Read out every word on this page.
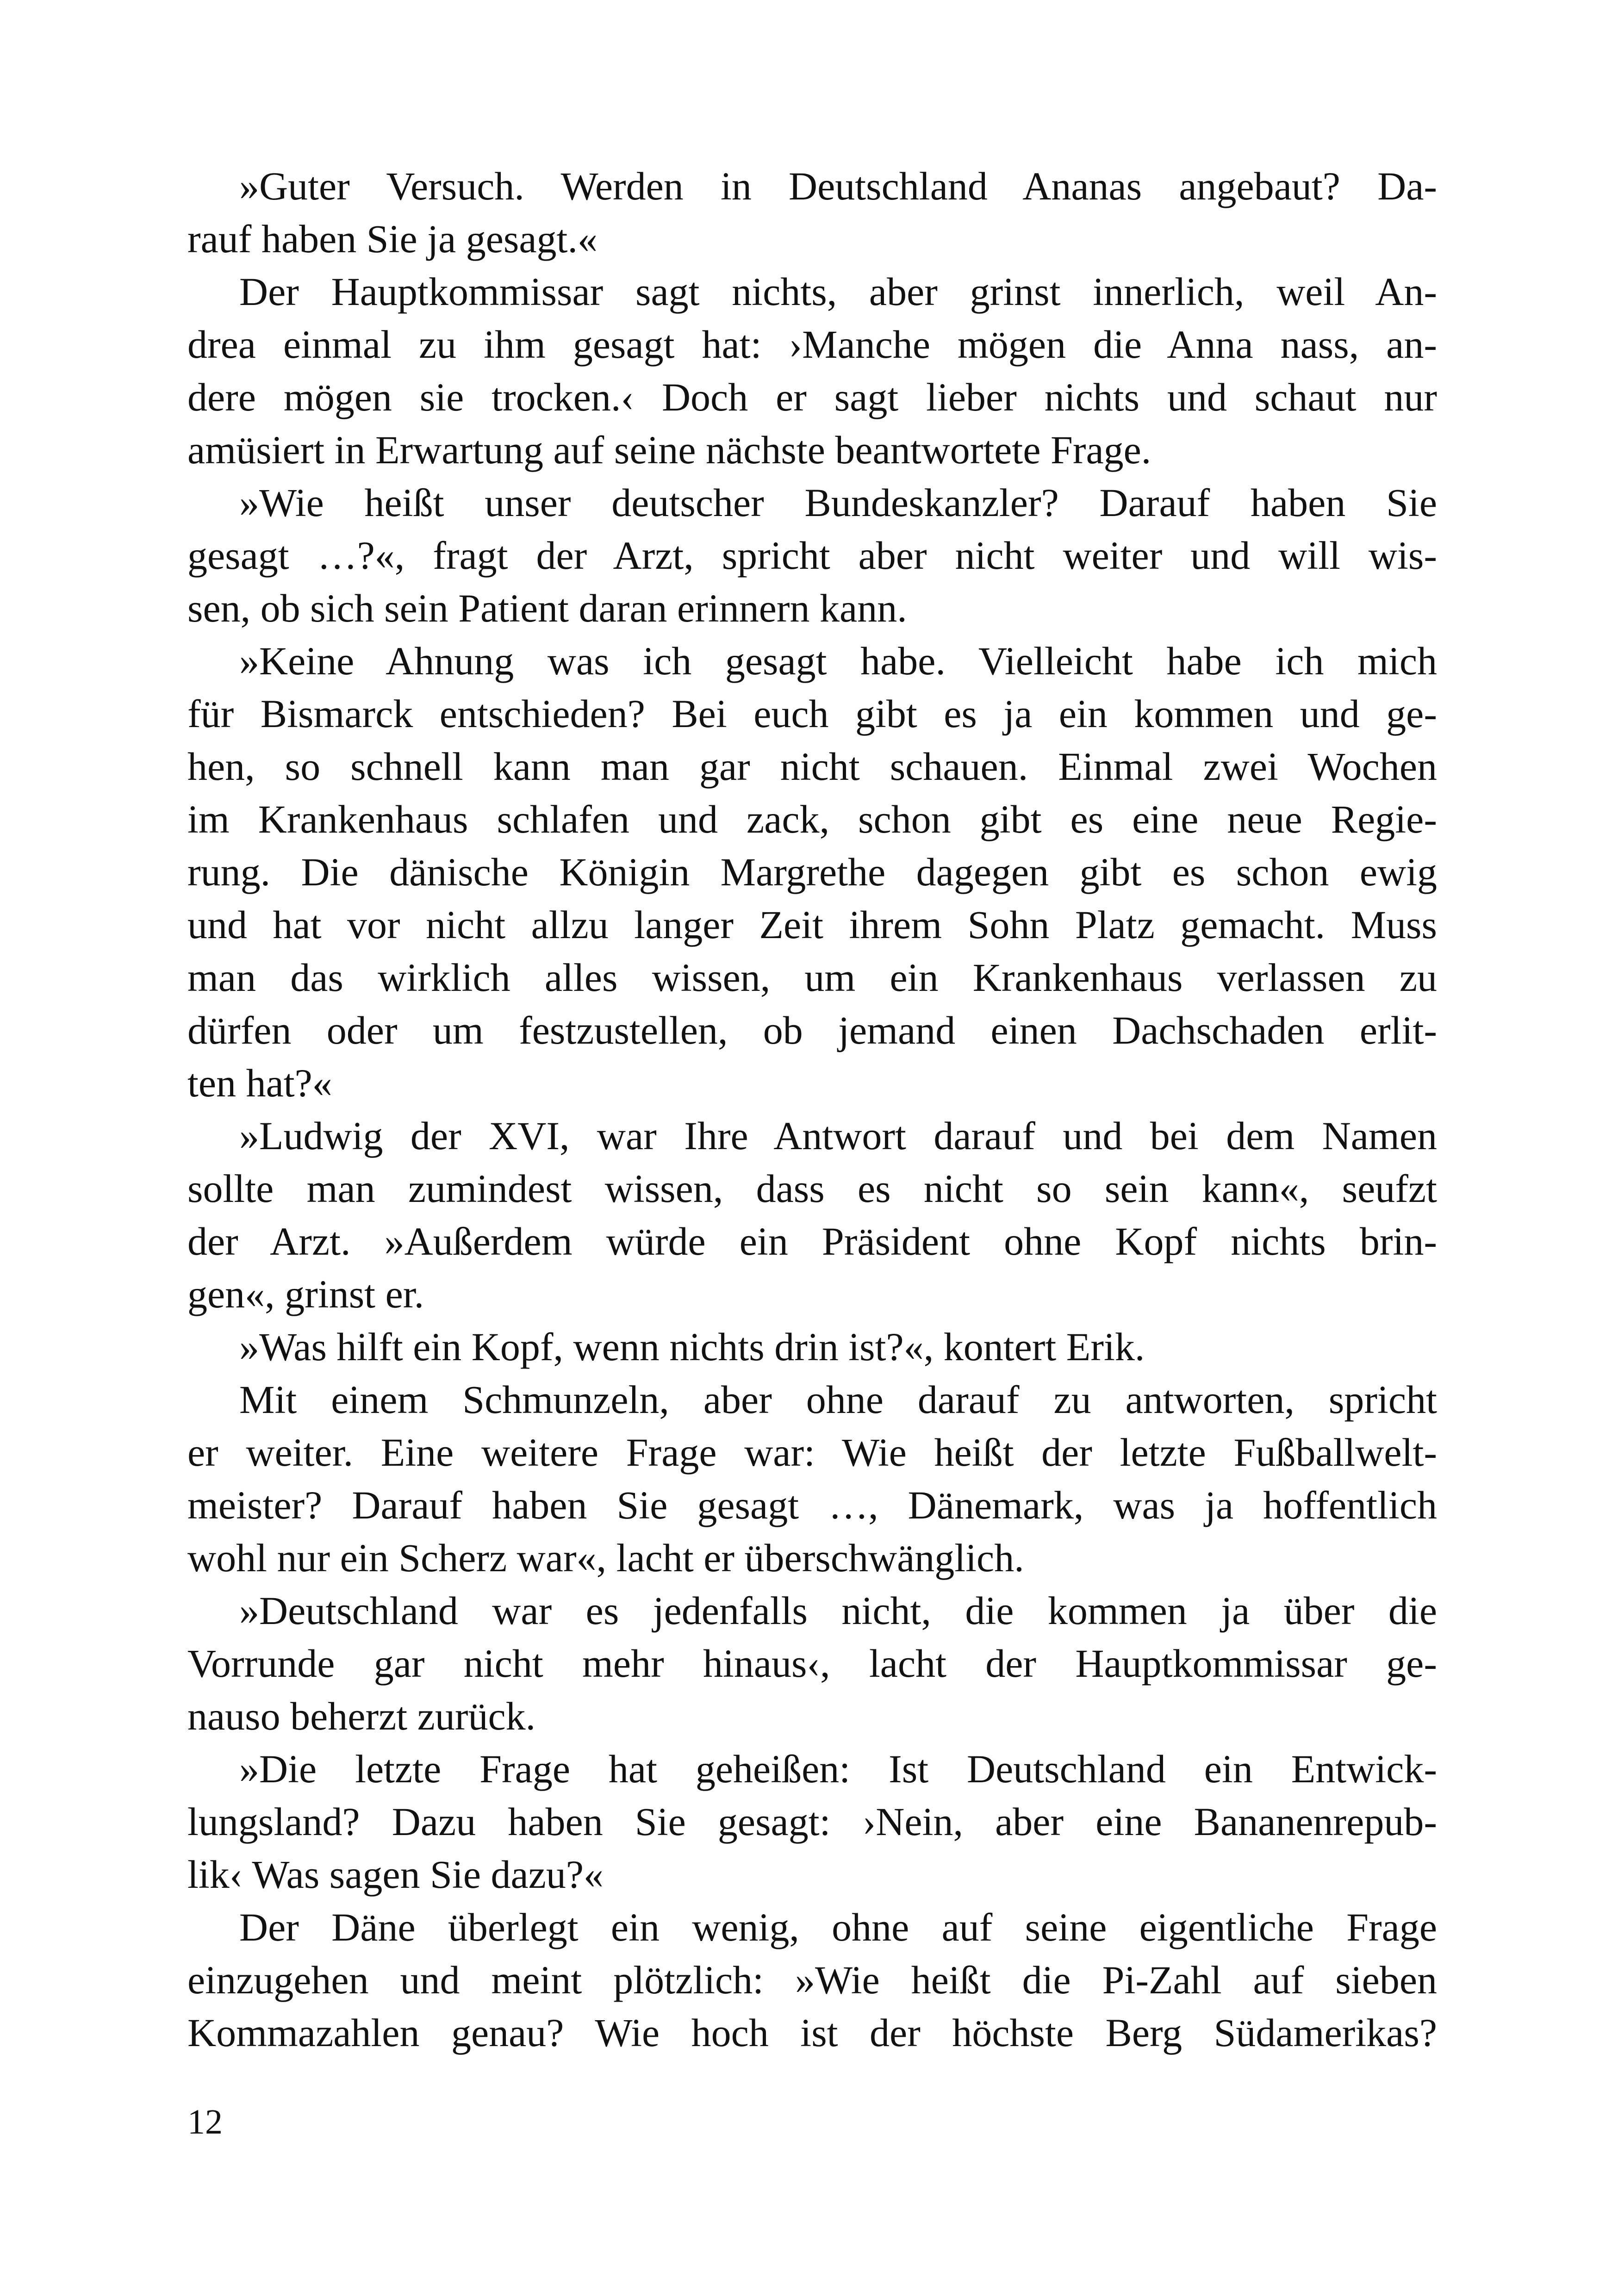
»Guter Versuch. Werden in Deutschland Ananas angebaut? Da-
rauf haben Sie ja gesagt.«

Der Hauptkommissar sagt nichts, aber grinst innerlich, weil An-
drea einmal zu ihm gesagt hat: ›Manche mögen die Anna nass, an-
dere mögen sie trocken.‹ Doch er sagt lieber nichts und schaut nur
amüsiert in Erwartung auf seine nächste beantwortete Frage.

»Wie heißt unser deutscher Bundeskanzler? Darauf haben Sie
gesagt …?«, fragt der Arzt, spricht aber nicht weiter und will wis-
sen, ob sich sein Patient daran erinnern kann.

»Keine Ahnung was ich gesagt habe. Vielleicht habe ich mich
für Bismarck entschieden? Bei euch gibt es ja ein kommen und ge-
hen, so schnell kann man gar nicht schauen. Einmal zwei Wochen
im Krankenhaus schlafen und zack, schon gibt es eine neue Regie-
rung. Die dänische Königin Margrethe dagegen gibt es schon ewig
und hat vor nicht allzu langer Zeit ihrem Sohn Platz gemacht. Muss
man das wirklich alles wissen, um ein Krankenhaus verlassen zu
dürfen oder um festzustellen, ob jemand einen Dachschaden erlit-
ten hat?«

»Ludwig der XVI, war Ihre Antwort darauf und bei dem Namen
sollte man zumindest wissen, dass es nicht so sein kann«, seufzt
der Arzt. »Außerdem würde ein Präsident ohne Kopf nichts brin-
gen«, grinst er.

»Was hilft ein Kopf, wenn nichts drin ist?«, kontert Erik.

Mit einem Schmunzeln, aber ohne darauf zu antworten, spricht
er weiter. Eine weitere Frage war: Wie heißt der letzte Fußballwelt-
meister? Darauf haben Sie gesagt …, Dänemark, was ja hoffentlich
wohl nur ein Scherz war«, lacht er überschwänglich.

»Deutschland war es jedenfalls nicht, die kommen ja über die
Vorrunde gar nicht mehr hinaus‹, lacht der Hauptkommissar ge-
nauso beherzt zurück.

»Die letzte Frage hat geheißen: Ist Deutschland ein Entwick-
lungsland? Dazu haben Sie gesagt: ›Nein, aber eine Bananenrepub-
lik‹ Was sagen Sie dazu?«

Der Däne überlegt ein wenig, ohne auf seine eigentliche Frage
einzugehen und meint plötzlich: »Wie heißt die Pi-Zahl auf sieben
Kommazahlen genau? Wie hoch ist der höchste Berg Südamerikas?

12
